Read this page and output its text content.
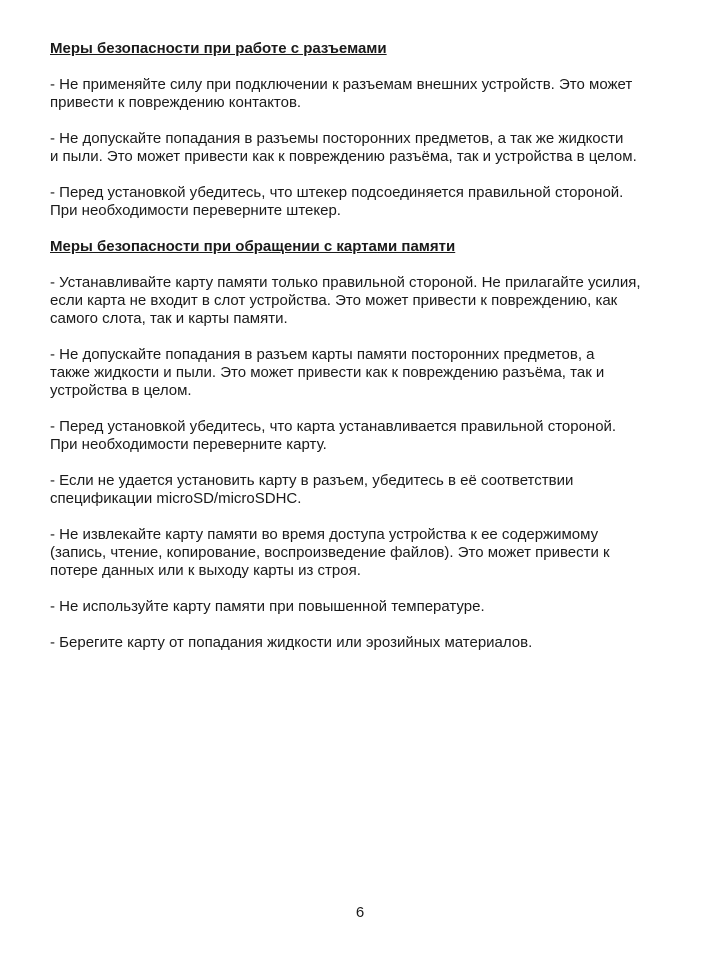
Меры безопасности при работе с разъемами

- Не применяйте силу при подключении к разъемам внешних устройств. Это может
привести к повреждению контактов.

- Не допускайте попадания в разъемы посторонних предметов, а так же жидкости
и пыли. Это может привести как к повреждению разъёма, так и устройства в целом.

- Перед установкой убедитесь, что штекер подсоединяется правильной стороной.
При необходимости переверните штекер.

Меры безопасности при обращении с картами памяти

- Устанавливайте карту памяти только правильной стороной. Не прилагайте усилия,
если карта не входит в слот устройства. Это может привести к повреждению, как
самого слота, так и карты памяти.

- Не допускайте попадания в разъем карты памяти посторонних предметов, а
также жидкости и пыли. Это может привести как к повреждению разъёма, так и
устройства в целом.

- Перед установкой убедитесь, что карта устанавливается правильной стороной.
При необходимости переверните карту.

- Если не удается установить карту в разъем, убедитесь в её соответствии
спецификации microSD/microSDHC.

- Не извлекайте карту памяти во время доступа устройства к ее содержимому
(запись, чтение, копирование, воспроизведение файлов). Это может привести к
потере данных или к выходу карты из строя.

- Не используйте карту памяти при повышенной температуре.

- Берегите карту от попадания жидкости или эрозийных материалов.

6
